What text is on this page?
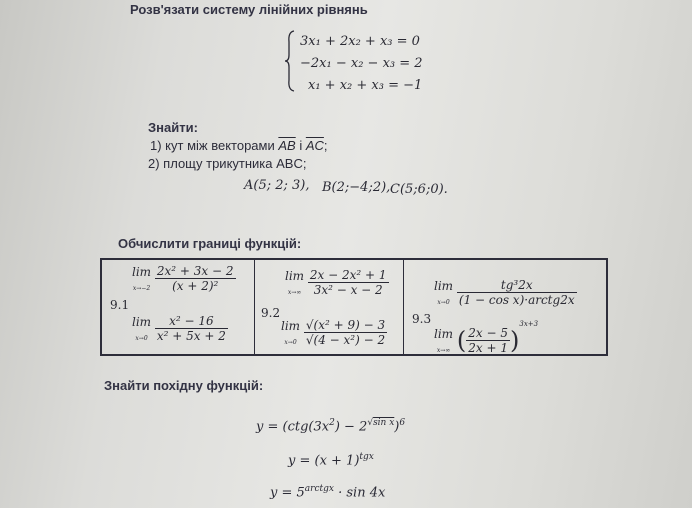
Розв'язати систему лінійних рівнянь
3x₁ + 2x₂ + x₃ = 0
−2x₁ − x₂ − x₃ = 2
x₁ + x₂ + x₃ = −1
Знайти:
1) кут між векторами $\overline{AB}$ і $\overline{AC}$;
2) площу трикутника ABC;
A(5; 2; 3), B(2;−4;2), C(5;6;0).
Обчислити границі функцій:
9.1
lim
$x\to-2 \frac{\text{2x² + 3x − 2}}{\text{(x + 2)²}}$
lim
$x\to 0 \frac{\text{x² − 16}}{\text{x² + 5x + 2}}$

9.2
lim
$x\to\infty \frac{\text{2x − 2x² + 1}}{\text{3x² − x − 2}}$
lim
$x\to 0 \frac{\text{√(x² + 9) − 3}}{\text{√(4 − x²) − 2}}$	9.3
lim
$x\to 0 \frac{\text{tg³2x}}{\text{(1 − cos x)·arctg2x}}$
lim
x→∞ ( $\frac{2x - 5}{2x + 1} )^{3x+3}$
Знайти похідну функцій:
$y = (ctg(3x^2) - 2^{√sin x})^6$
$y = (x + 1)^{tgx}$
$y = 5^{arctgx} \cdot \sin 4x$
